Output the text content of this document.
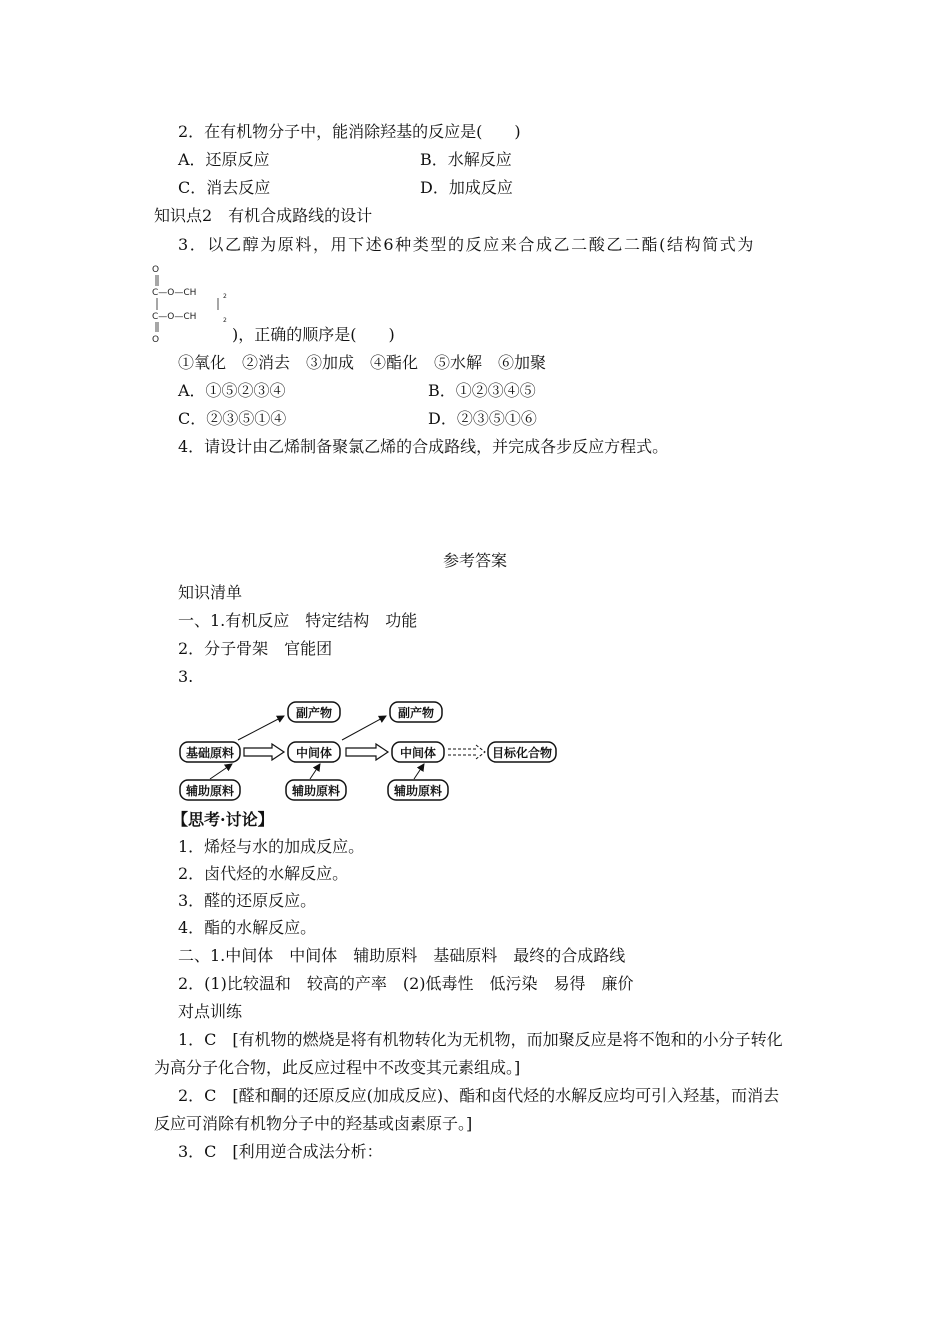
2．在有机物分子中，能消除羟基的反应是(　　)
A．还原反应	B．水解反应
C．消去反应	D．加成反应
知识点2　有机合成路线的设计
3．以乙醇为原料，用下述6种类型的反应来合成乙二酸乙二酯(结构简式为
O
C—O—CH	2
C—O—CH	2
O	)，正确的顺序是(　　)
①氧化　②消去　③加成　④酯化　⑤水解　⑥加聚
A．①⑤②③④	B．①②③④⑤
C．②③⑤①④	D．②③⑤①⑥
4．请设计由乙烯制备聚氯乙烯的合成路线，并完成各步反应方程式。
参考答案
知识清单
一、1.有机反应　特定结构　功能
2．分子骨架　官能团
3.
基础原料	中间体	中间体	目标化合物
副产物	副产物
辅助原料	辅助原料	辅助原料
【思考·讨论】
1．烯烃与水的加成反应。
2．卤代烃的水解反应。
3．醛的还原反应。
4．酯的水解反应。
二、1.中间体　中间体　辅助原料　基础原料　最终的合成路线
2．(1)比较温和　较高的产率　(2)低毒性　低污染　易得　廉价
对点训练
1．C　[有机物的燃烧是将有机物转化为无机物，而加聚反应是将不饱和的小分子转化
为高分子化合物，此反应过程中不改变其元素组成。]
2．C　[醛和酮的还原反应(加成反应)、酯和卤代烃的水解反应均可引入羟基，而消去
反应可消除有机物分子中的羟基或卤素原子。]
3．C　[利用逆合成法分析：
